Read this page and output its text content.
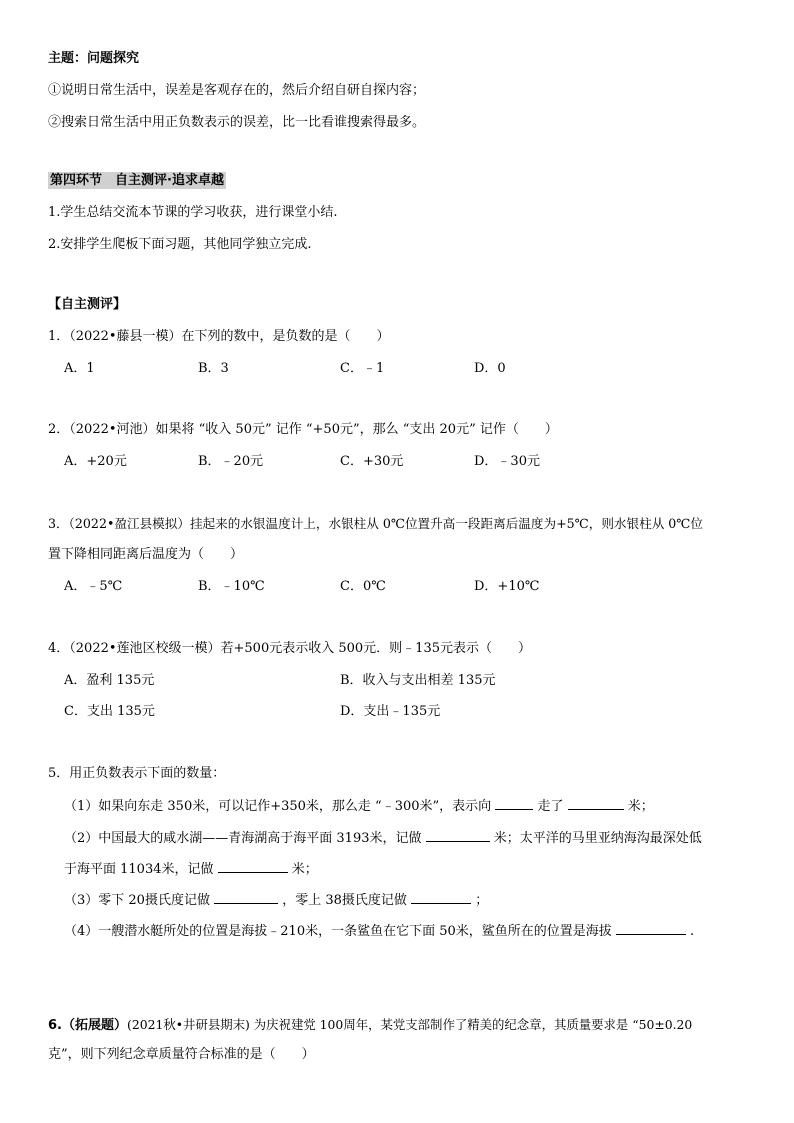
主题：问题探究
①说明日常生活中，误差是客观存在的，然后介绍自研自探内容；
②搜索日常生活中用正负数表示的误差，比一比看谁搜索得最多。
第四环节　自主测评·追求卓越
1.学生总结交流本节课的学习收获，进行课堂小结.
2.安排学生爬板下面习题，其他同学独立完成.
【自主测评】
1．（2022•藤县一模）在下列的数中，是负数的是（　　）
A．1	B．3	C．﹣1	D．0
2．（2022•河池）如果将 “收入 50元” 记作 “+50元”，那么 “支出 20元” 记作（　　）
A．+20元	B．﹣20元	C．+30元	D．﹣30元
3．（2022•盈江县模拟）挂起来的水银温度计上，水银柱从 0℃位置升高一段距离后温度为+5℃，则水银柱从 0℃位
置下降相同距离后温度为（　　）
A．﹣5℃	B．﹣10℃	C．0℃	D．+10℃
4．（2022•莲池区校级一模）若+500元表示收入 500元．则﹣135元表示（　　）
A．盈利 135元	B．收入与支出相差 135元
C．支出 135元	D．支出﹣135元
5．用正负数表示下面的数量：
（1）如果向东走 350米，可以记作+350米，那么走 “﹣300米”，表示向	走了	米；
（2）中国最大的咸水湖——青海湖高于海平面 3193米，记做	米；太平洋的马里亚纳海沟最深处低
于海平面 11034米，记做	米；
（3）零下 20摄氏度记做	，零上 38摄氏度记做	；
（4）一艘潜水艇所处的位置是海拔﹣210米，一条鲨鱼在它下面 50米，鲨鱼所在的位置是海拔	.
6.（拓展题）(2021秋•井研县期末) 为庆祝建党 100周年，某党支部制作了精美的纪念章，其质量要求是 “50±0.20
克”，则下列纪念章质量符合标准的是（　　）
